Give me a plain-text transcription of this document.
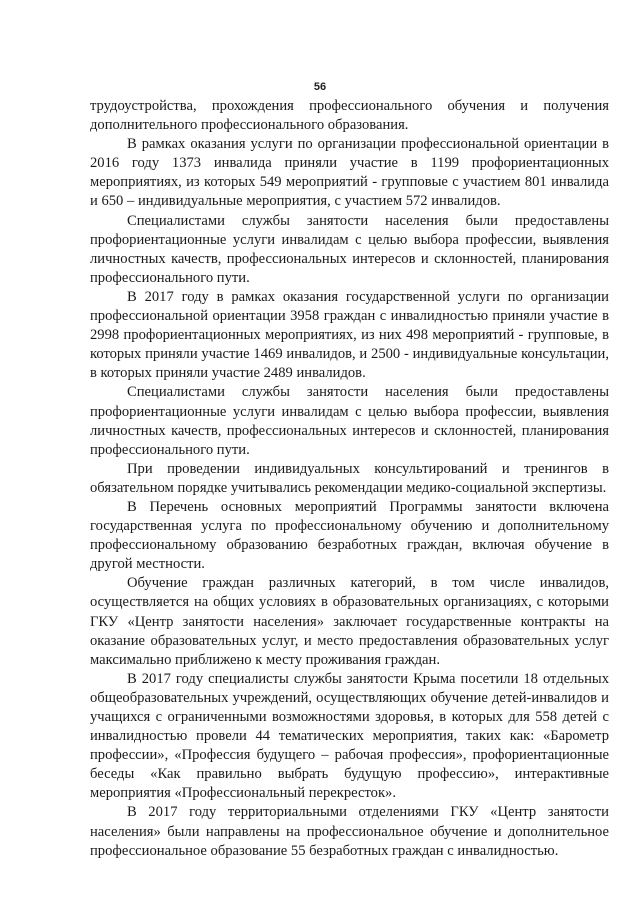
56

трудоустройства, прохождения профессионального обучения и получения дополнительного профессионального образования.

В рамках оказания услуги по организации профессиональной ориентации в 2016 году 1373 инвалида приняли участие в 1199 профориентационных мероприятиях, из которых 549 мероприятий - групповые с участием 801 инвалида и 650 – индивидуальные мероприятия, с участием 572 инвалидов.

Специалистами службы занятости населения были предоставлены профориентационные услуги инвалидам с целью выбора профессии, выявления личностных качеств, профессиональных интересов и склонностей, планирования профессионального пути.

В 2017 году в рамках оказания государственной услуги по организации профессиональной ориентации 3958 граждан с инвалидностью приняли участие в 2998 профориентационных мероприятиях, из них 498 мероприятий - групповые, в которых приняли участие 1469 инвалидов, и 2500 - индивидуальные консультации, в которых приняли участие 2489 инвалидов.

Специалистами службы занятости населения были предоставлены профориентационные услуги инвалидам с целью выбора профессии, выявления личностных качеств, профессиональных интересов и склонностей, планирования профессионального пути.

При проведении индивидуальных консультирований и тренингов в обязательном порядке учитывались рекомендации медико-социальной экспертизы.

В Перечень основных мероприятий Программы занятости включена государственная услуга по профессиональному обучению и дополнительному профессиональному образованию безработных граждан, включая обучение в другой местности.

Обучение граждан различных категорий, в том числе инвалидов, осуществляется на общих условиях в образовательных организациях, с которыми ГКУ «Центр занятости населения» заключает государственные контракты на оказание образовательных услуг, и место предоставления образовательных услуг максимально приближено к месту проживания граждан.

В 2017 году специалисты службы занятости Крыма посетили 18 отдельных общеобразовательных учреждений, осуществляющих обучение детей-инвалидов и учащихся с ограниченными возможностями здоровья, в которых для 558 детей с инвалидностью провели 44 тематических мероприятия, таких как: «Барометр профессии», «Профессия будущего – рабочая профессия», профориентационные беседы «Как правильно выбрать будущую профессию», интерактивные мероприятия «Профессиональный перекресток».

В 2017 году территориальными отделениями ГКУ «Центр занятости населения» были направлены на профессиональное обучение и дополнительное профессиональное образование 55 безработных граждан с инвалидностью.
